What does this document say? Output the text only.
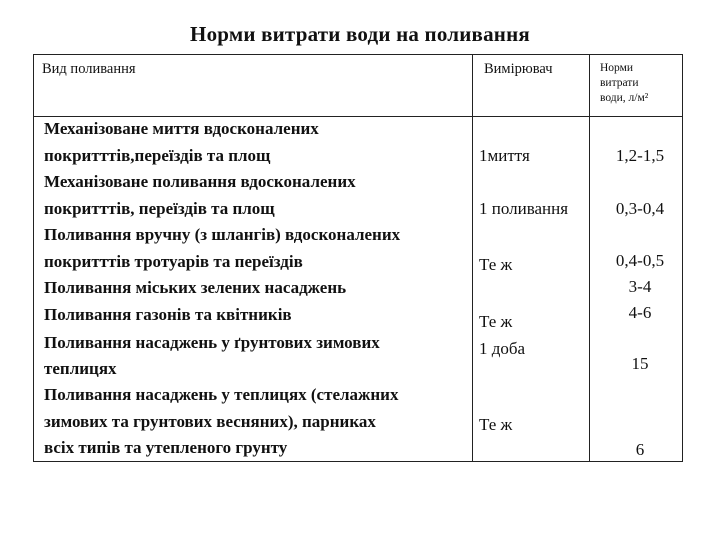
Норми витрати води на поливання
Вид поливання	Вимірювач	Норми
витрати
води, л/м²
Механізоване миття вдосконалених
покритттів,переїздів та площ
Механізоване поливання вдосконалених
покритттів, переїздів та площ
Поливання вручну (з шлангів) вдосконалених
покритттів тротуарів та переїздів
Поливання міських зелених насаджень
Поливання газонів та квітників
Поливання насаджень у ґрунтових зимових
теплицях
Поливання насаджень у теплицях (стелажних
зимових та грунтових весняних), парниках
всіх типів та утепленого грунту
1миття
1 поливання
Те ж
Те ж
1 доба
Те ж
1,2-1,5
0,3-0,4
0,4-0,5
3-4
4-6
15
6
